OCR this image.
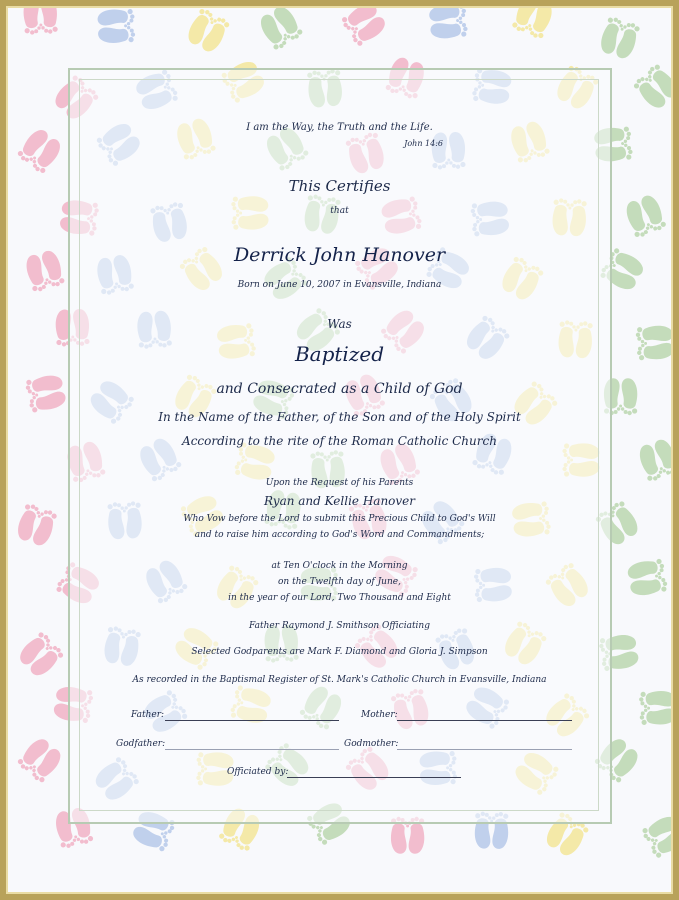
I am the Way, the Truth and the Life.
John 14:6
This Certifies
that
Derrick John Hanover
Born on June 10, 2007 in Evansville, Indiana
Was
Baptized
and Consecrated as a Child of God
In the Name of the Father, of the Son and of the Holy Spirit
According to the rite of the Roman Catholic Church
Upon the Request of his Parents
Ryan and Kellie Hanover
Who Vow before the Lord to submit this Precious Child to God's Will
and to raise him according to God's Word and Commandments;
at Ten O'clock in the Morning
on the Twelfth day of June,
in the year of our Lord, Two Thousand and Eight
Father Raymond J. Smithson Officiating
Selected Godparents are Mark F. Diamond and Gloria J. Simpson
As recorded in the Baptismal Register of St. Mark's Catholic Church in Evansville, Indiana
Father:	Mother:
Godfather:	Godmother:
Officiated by:
